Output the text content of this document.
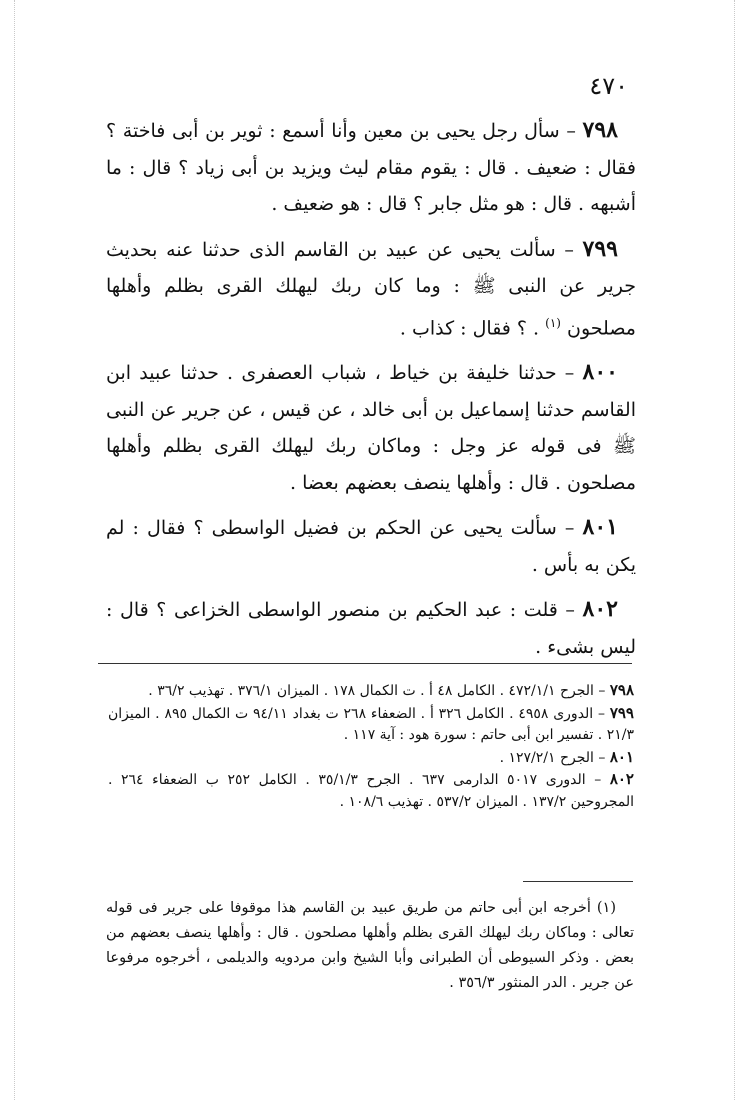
٤٧٠

٧٩٨ – سأل رجل يحيى بن معين وأنا أسمع : ثوير بن أبى فاختة ؟ فقال : ضعيف . قال : يقوم مقام ليث ويزيد بن أبى زياد ؟ قال : ما أشبهه . قال : هو مثل جابر ؟ قال : هو ضعيف .

٧٩٩ – سألت يحيى عن عبيد بن القاسم الذى حدثنا عنه بحديث جرير عن النبى ﷺ : وما كان ربك ليهلك القرى بظلم وأهلها مصلحون $^{(١)}$ . ؟ فقال : كذاب .

٨٠٠ – حدثنا خليفة بن خياط ، شباب العصفرى . حدثنا عبيد ابن القاسم حدثنا إسماعيل بن أبى خالد ، عن قيس ، عن جرير عن النبى ﷺ فى قوله عز وجل : وماكان ربك ليهلك القرى بظلم وأهلها مصلحون . قال : وأهلها ينصف بعضهم بعضا .

٨٠١ – سألت يحيى عن الحكم بن فضيل الواسطى ؟ فقال : لم يكن به بأس .

٨٠٢ – قلت : عبد الحكيم بن منصور الواسطى الخزاعى ؟ قال : ليس بشىء .

٧٩٨ – الجرح ٤٧٢/١/١ . الكامل ٤٨ أ . ت الكمال ١٧٨ . الميزان ٣٧٦/١ . تهذيب ٣٦/٢ .

٧٩٩ – الدورى ٤٩٥٨ . الكامل ٣٢٦ أ . الضعفاء ٢٦٨ ت بغداد ٩٤/١١ ت الكمال ٨٩٥ . الميزان ٢١/٣ . تفسير ابن أبى حاتم : سورة هود : آية ١١٧ .

٨٠١ – الجرح ١٢٧/٢/١ .

٨٠٢ – الدورى ٥٠١٧ الدارمى ٦٣٧ . الجرح ٣٥/١/٣ . الكامل ٢٥٢ ب الضعفاء ٢٦٤ . المجروحين ١٣٧/٢ . الميزان ٥٣٧/٢ . تهذيب ١٠٨/٦ .

(١) أخرجه ابن أبى حاتم من طريق عبيد بن القاسم هذا موقوفا على جرير فى قوله تعالى : وماكان ربك ليهلك القرى بظلم وأهلها مصلحون . قال : وأهلها ينصف بعضهم من بعض . وذكر السيوطى أن الطبرانى وأبا الشيخ وابن مردويه والديلمى ، أخرجوه مرفوعا عن جرير . الدر المنثور ٣٥٦/٣ .
